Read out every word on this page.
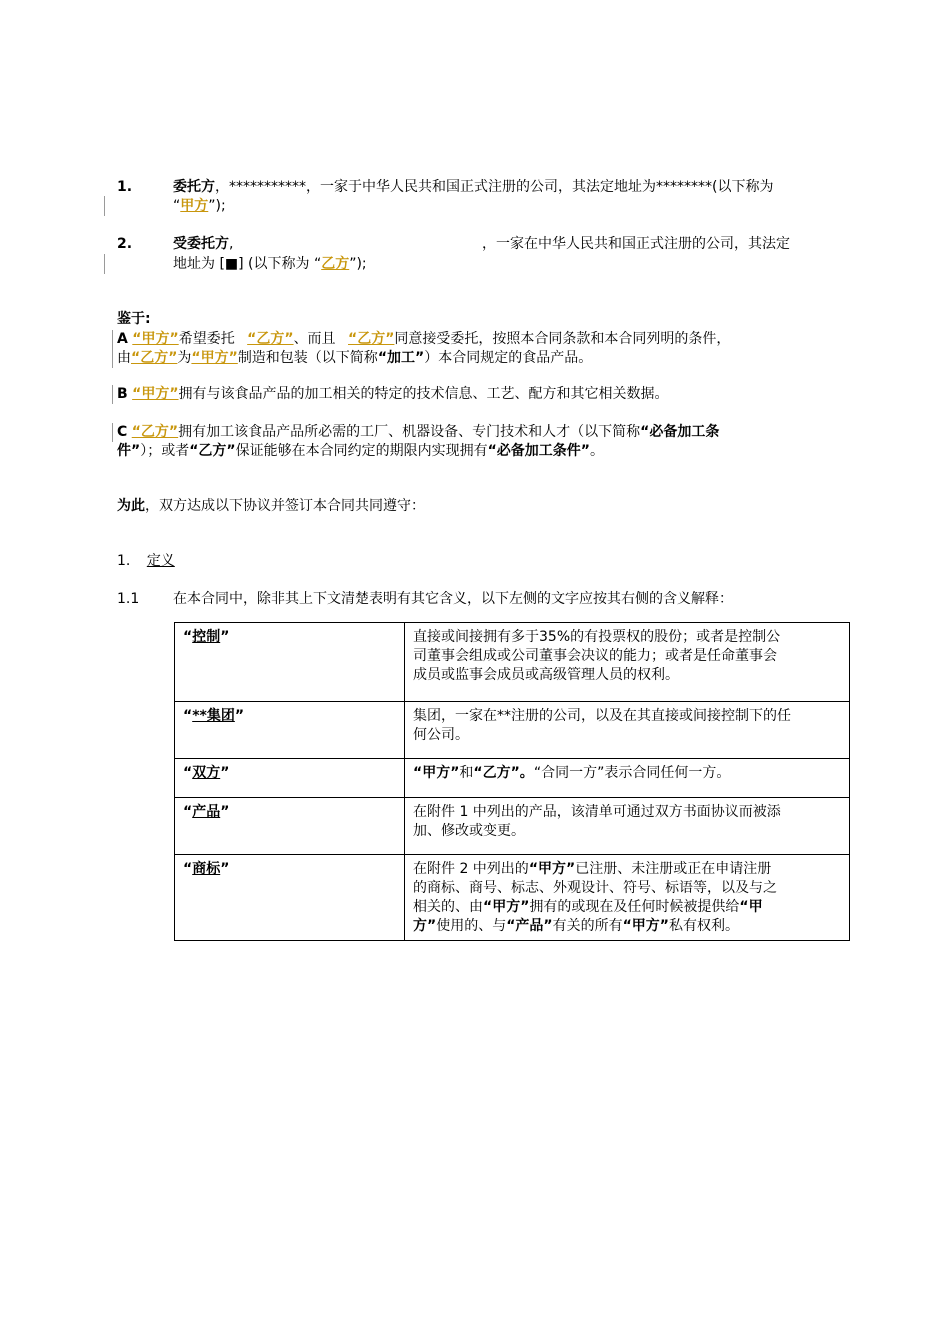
1.	委托方，***********，一家于中华人民共和国正式注册的公司，其法定地址为********(以下称为
“甲方”);
2.	受委托方,	，一家在中华人民共和国正式注册的公司，其法定
地址为 [■] (以下称为 “乙方”);
鉴于:
A “甲方”希望委托 “乙方”、而且 “乙方”同意接受委托，按照本合同条款和本合同列明的条件，
由“乙方”为“甲方”制造和包装（以下简称“加工”）本合同规定的食品产品。
B “甲方”拥有与该食品产品的加工相关的特定的技术信息、工艺、配方和其它相关数据。
C “乙方”拥有加工该食品产品所必需的工厂、机器设备、专门技术和人才（以下简称“必备加工条
件”）；或者“乙方”保证能够在本合同约定的期限内实现拥有“必备加工条件”。
为此，双方达成以下协议并签订本合同共同遵守：
1. 定义
1.1 在本合同中，除非其上下文清楚表明有其它含义，以下左侧的文字应按其右侧的含义解释：
“控制”	直接或间接拥有多于35%的有投票权的股份；或者是控制公
司董事会组成或公司董事会决议的能力；或者是任命董事会
成员或监事会成员或高级管理人员的权利。

“**集团”	集团，一家在**注册的公司，以及在其直接或间接控制下的任
何公司。

“双方”	“甲方”和“乙方”。“合同一方”表示合同任何一方。
“产品”	在附件 1 中列出的产品，该清单可通过双方书面协议而被添
加、修改或变更。

“商标”	在附件 2 中列出的“甲方”已注册、未注册或正在申请注册
的商标、商号、标志、外观设计、符号、标语等，以及与之
相关的、由“甲方”拥有的或现在及任何时候被提供给“甲
方”使用的、与“产品”有关的所有“甲方”私有权利。
